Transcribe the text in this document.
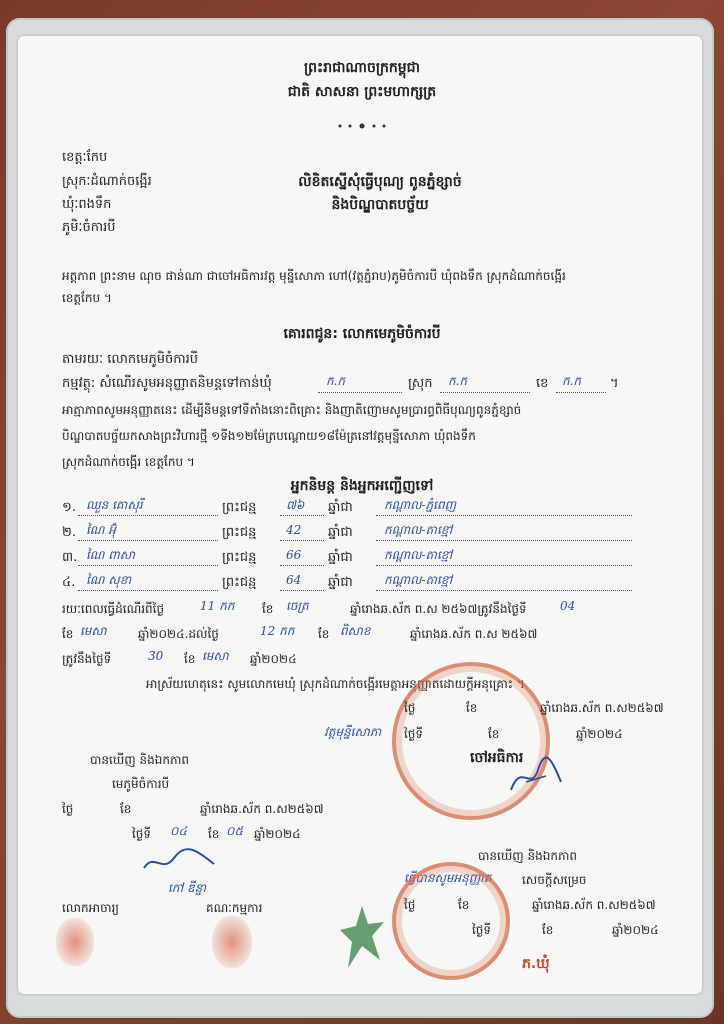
ព្រះរាជាណាចក្រកម្ពុជា
ជាតិ សាសនា ព្រះមហាក្សត្រ
ខេត្តៈកែប
ស្រុកៈដំណាក់ចង្អើរ
ឃុំៈពងទឹក
ភូមិៈចំការបី
លិខិតស្នើសុំធ្វើបុណ្យ ពូនភ្នំខ្សាច់
និងបិណ្ឌបាតបច្ច័យ
អត្តភាព ព្រះនាម ណុច ផាន់ណា ជាចៅអធិការវត្ត មុន្នីសោភា ហៅ(វត្តភ្នំរាប)ភូមិចំការបី ឃុំពងទឹក ស្រុកដំណាក់ចង្អើរ
ខេត្តកែប ។
គោរពជូន: លោកមេភូមិចំការបី
តាមរយៈ លោកមេភូមិចំការបី
កម្មវត្ថុ: សំណើរសូមអនុញ្ញាតនិមន្តទៅកាន់ឃុំ	ក.ក	ស្រុក ក.ក	ខេ ក.ក ។
អាត្មាភាពសូមអនុញ្ញាតនេះ ដើម្បីនិមន្តទៅទីតាំងនោះពិគ្រោះ និងញាតិញោមសូមប្រារព្ធពិធីបុណ្យពូនភ្នំខ្សាច់
បិណ្ឌបាតបច្ច័យកសាងព្រះវិហារថ្មី ១ទីង១២ម៉ែត្របណ្ដោយ១៨ម៉ែត្រនៅវត្តមុន្នីសោភា ឃុំពងទឹក
ស្រុកដំណាក់ចង្អើរ ខេត្តកែប ។
អ្នកនិមន្ត និងអ្នកអញ្ជើញទៅ
១. ឈួន គោសុរី	ព្រះជន្ម ៧៦ ឆ្នាំជា	កណ្ដាល-ភ្នំពេញ
២. ណៃ អ៊ុំ	ព្រះជន្ម 42 ឆ្នាំជា	កណ្ដាល-តាខ្មៅ
៣. ណៃ ពាសា	ព្រះជន្ម 66 ឆ្នាំជា	កណ្ដាល-តាខ្មៅ
៤. ណៃ សុខា	ព្រះជន្ម 64 ឆ្នាំជា	កណ្ដាល-តាខ្មៅ
រយៈពេលធ្វើដំណើរពីថ្ងៃ	11 កក ខែ ចេត្រ	ឆ្នាំរោងឆ.ស័ក ព.ស ២៥៦៧ត្រូវនឹងថ្ងៃទី	04
ខែ មេសា	ឆ្នាំ២០២៤.ដល់ថ្ងៃ	12 កក ខែ ពិសាខ	ឆ្នាំរោងឆ.ស័ក ព.ស ២៥៦៧
ត្រូវនឹងថ្ងៃទី	30 ខែ មេសា ឆ្នាំ២០២៤
អាស្រ័យហេតុនេះ សូមលោកមេឃុំ ស្រុកដំណាក់ចង្អើរមេត្តាអនុញ្ញាតដោយក្ដីអនុគ្រោះ ។
ថ្ងៃ	ខែ	ឆ្នាំរោងឆ.ស័ក ព.ស២៥៦៧
វត្តមុន្នីសោភា ថ្ងៃទី	ខែ	ឆ្នាំ២០២៤
ចៅអធិការ
បានឃើញ និងឯកភាព
មេភូមិចំការបី
ថ្ងៃ	ខែ	ឆ្នាំរោងឆ.ស័ក ព.ស២៥៦៧
ថ្ងៃទី ០៤ ខែ ០៥ ឆ្នាំ២០២៤
កៅ ឌីន្នា
បានឃើញ និងឯកភាព
ធ្វើបានសូមអនុញ្ញាត	សេចក្ដីសម្រេច
ថ្ងៃ	ខែ	ឆ្នាំរោងឆ.ស័ក ព.ស២៥៦៧
ថ្ងៃទី	ខែ	ឆ្នាំ២០២៤
ភ.ឃុំ
លោកអាចារ្យ	គណៈកម្មការ
